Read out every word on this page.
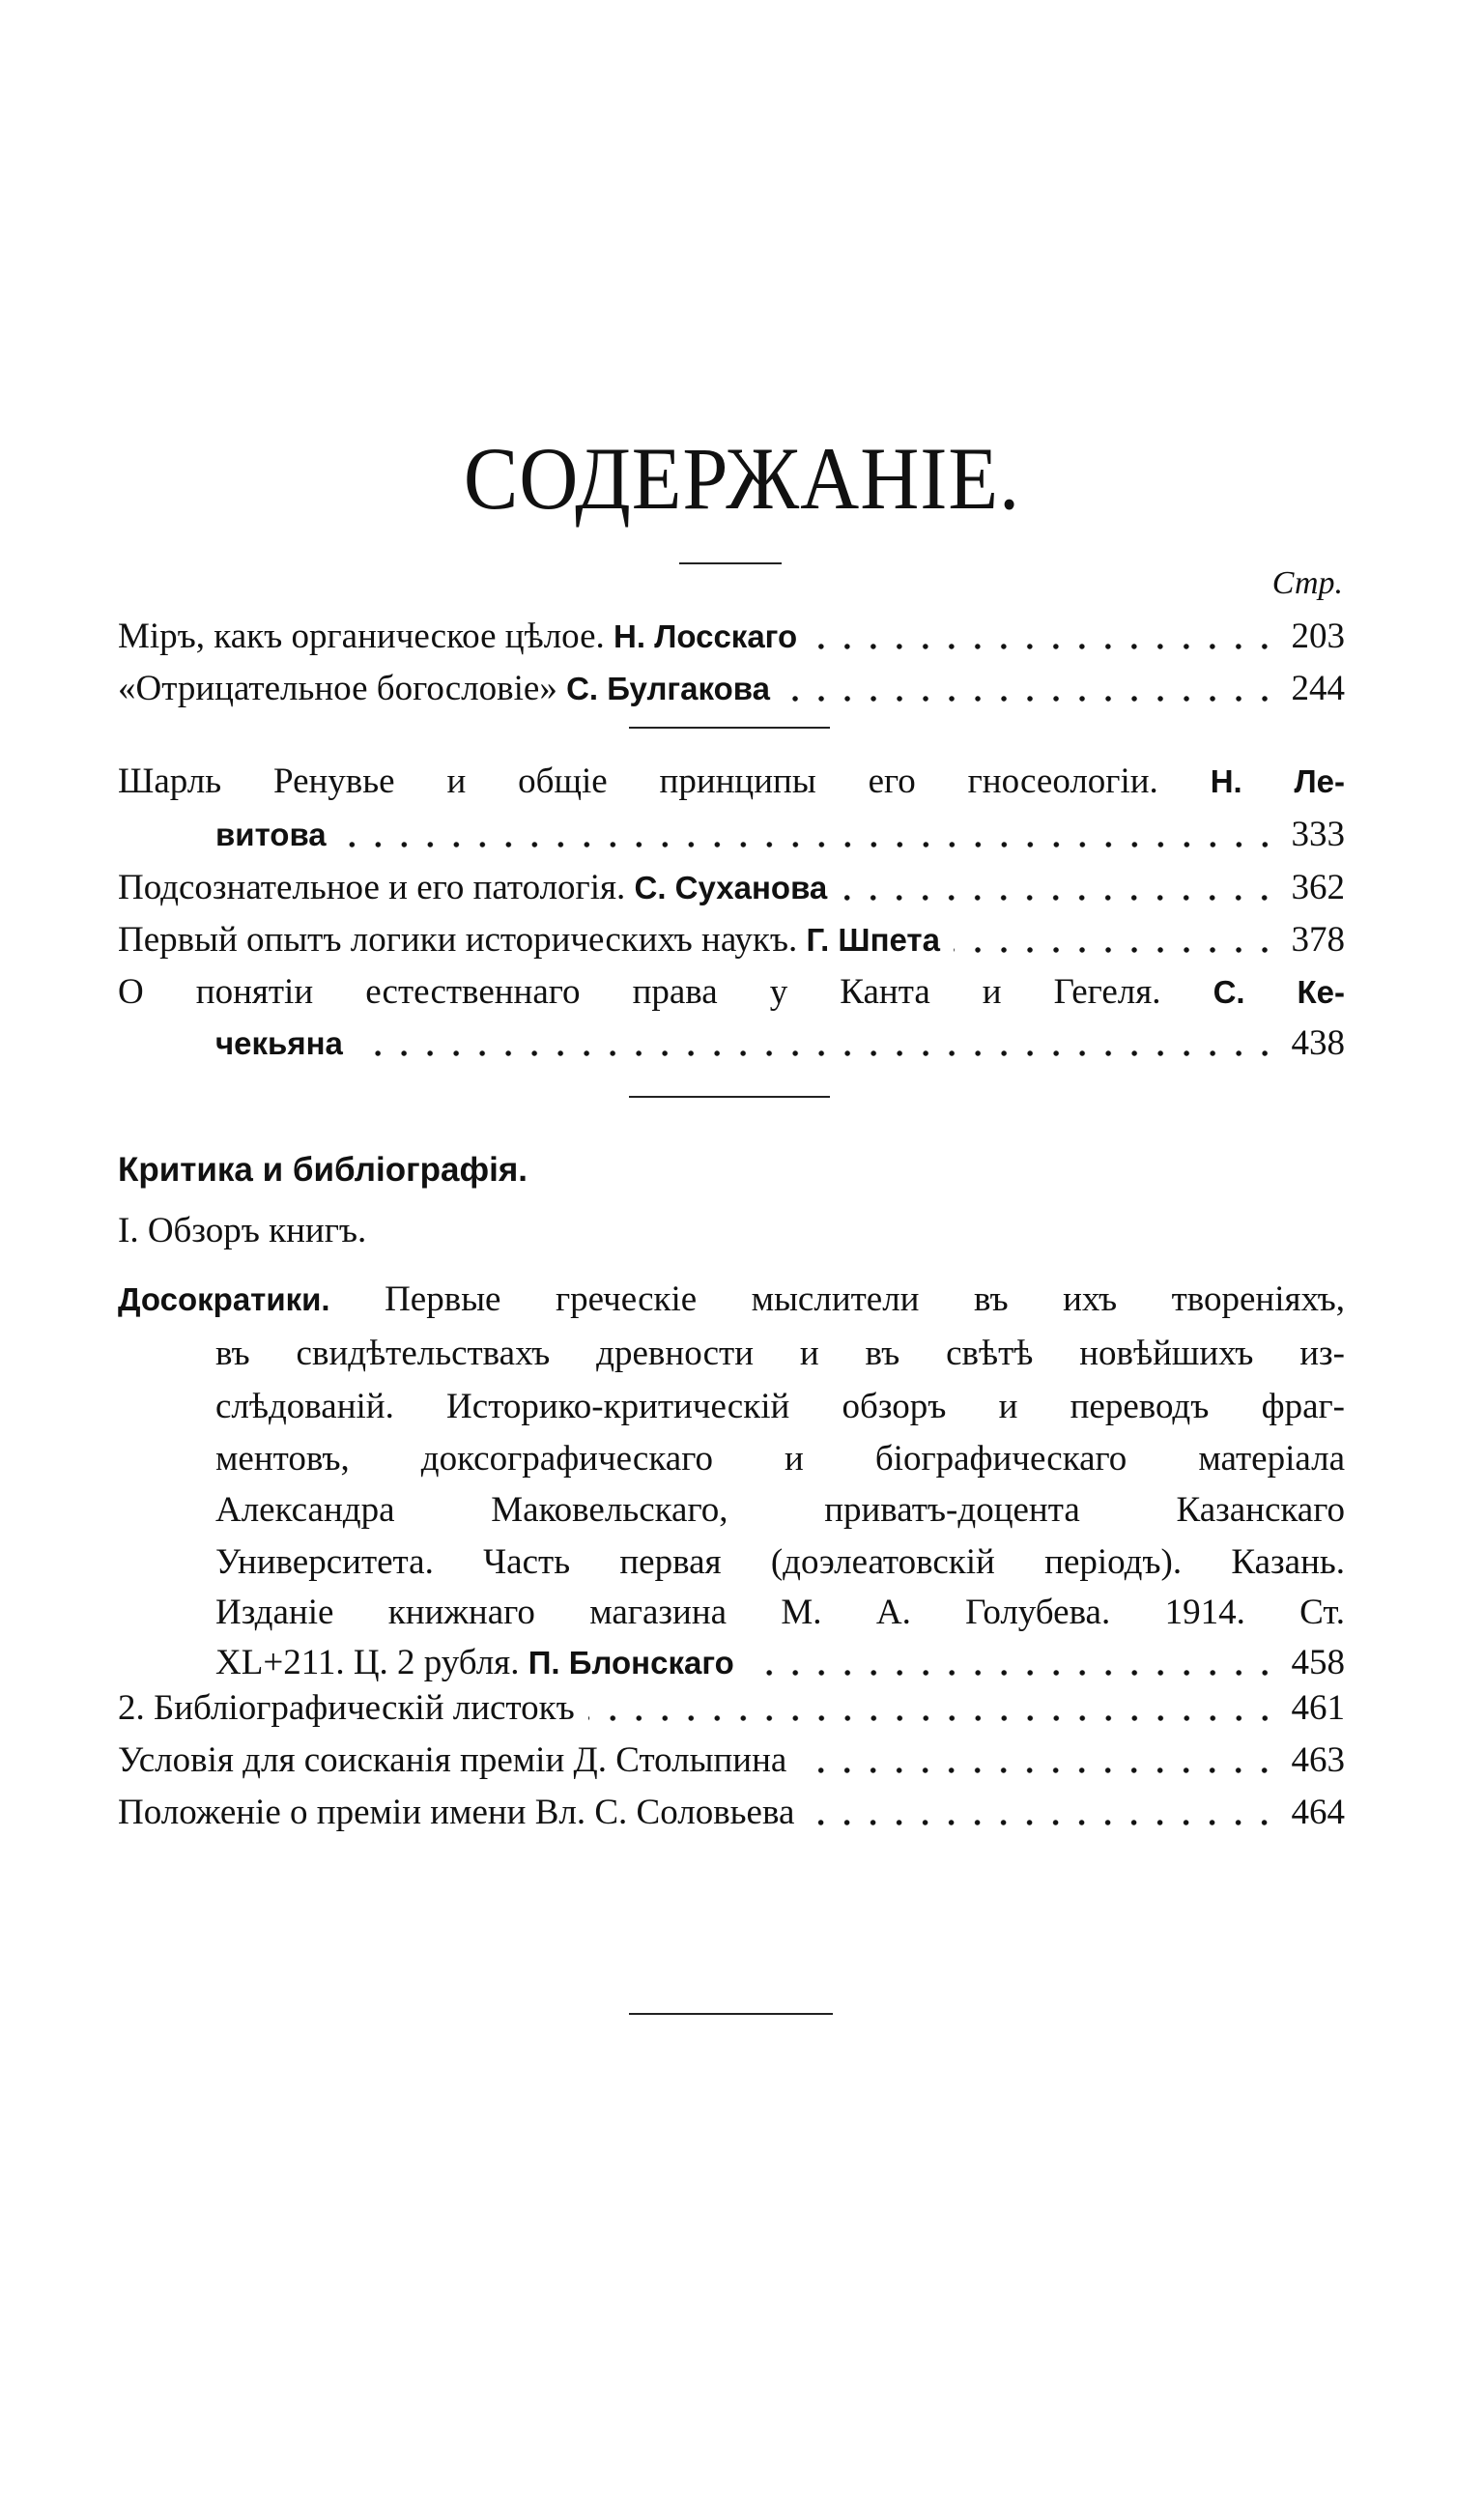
СОДЕРЖАНІЕ.
Стр.
Міръ, какъ органическое цѣлое.
Н. Лосскаго	203
«Отрицательное богословіе»
С. Булгакова	244
Шарль Ренувье и общіе принципы его гносеологіи. Н. Ле-
витова	333
Подсознательное и его патологія.
С. Суханова	362
Первый опытъ логики историческихъ наукъ.
Г. Шпета	378
О понятіи естественнаго права у Канта и Гегеля. С. Ке-
чекьяна	438
Критика и библіографія.
I. Обзоръ книгъ.
Досократики. Первые греческіе мыслители въ ихъ твореніяхъ,
въ свидѣтельствахъ древности и въ свѣтѣ новѣйшихъ из-
слѣдованій. Историко-критическій обзоръ и переводъ фраг-
ментовъ, доксографическаго и біографическаго матеріала
Александра Маковельскаго, приватъ-доцента Казанскаго
Университета. Часть первая (доэлеатовскій періодъ). Казань.
Изданіе книжнаго магазина М. А. Голубева. 1914. Ст.
XL+211. Ц. 2 рубля.
П. Блонскаго	458
2. Библіографическій листокъ	461
Условія для соисканія преміи Д. Столыпина	463
Положеніе о преміи имени Вл. С. Соловьева	464
